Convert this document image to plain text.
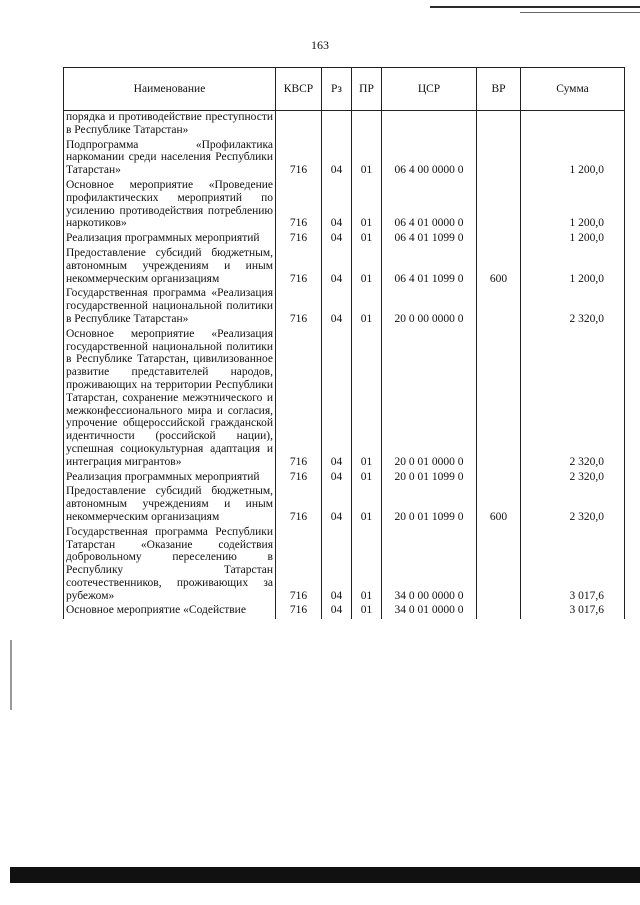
163
Наименование	КВСР	Рз	ПР	ЦСР	ВР	Сумма
порядка и противодействие преступности в Республике Татарстан»						
Подпрограмма «Профилактика наркомании среди населения Республики Татарстан»	716	04	01	06 4 00 0000 0		1 200,0
Основное мероприятие «Проведение профилактических мероприятий по усилению противодействия потреблению наркотиков»	716	04	01	06 4 01 0000 0		1 200,0
Реализация программных мероприятий	716	04	01	06 4 01 1099 0		1 200,0
Предоставление субсидий бюджетным, автономным учреждениям и иным некоммерческим организациям	716	04	01	06 4 01 1099 0	600	1 200,0
Государственная программа «Реализация государственной национальной политики в Республике Татарстан»	716	04	01	20 0 00 0000 0		2 320,0
Основное мероприятие «Реализация государственной национальной политики в Республике Татарстан, цивилизованное развитие представителей народов, проживающих на территории Республики Татарстан, сохранение межэтнического и межконфессионального мира и согласия, упрочение общероссийской гражданской идентичности (российской нации), успешная социокультурная адаптация и интеграция мигрантов»	716	04	01	20 0 01 0000 0		2 320,0
Реализация программных мероприятий	716	04	01	20 0 01 1099 0		2 320,0
Предоставление субсидий бюджетным, автономным учреждениям и иным некоммерческим организациям	716	04	01	20 0 01 1099 0	600	2 320,0
Государственная программа Республики Татарстан «Оказание содействия добровольному переселению в Республику Татарстан соотечественников, проживающих за рубежом»	716	04	01	34 0 00 0000 0		3 017,6
Основное мероприятие «Содействие	716	04	01	34 0 01 0000 0		3 017,6
